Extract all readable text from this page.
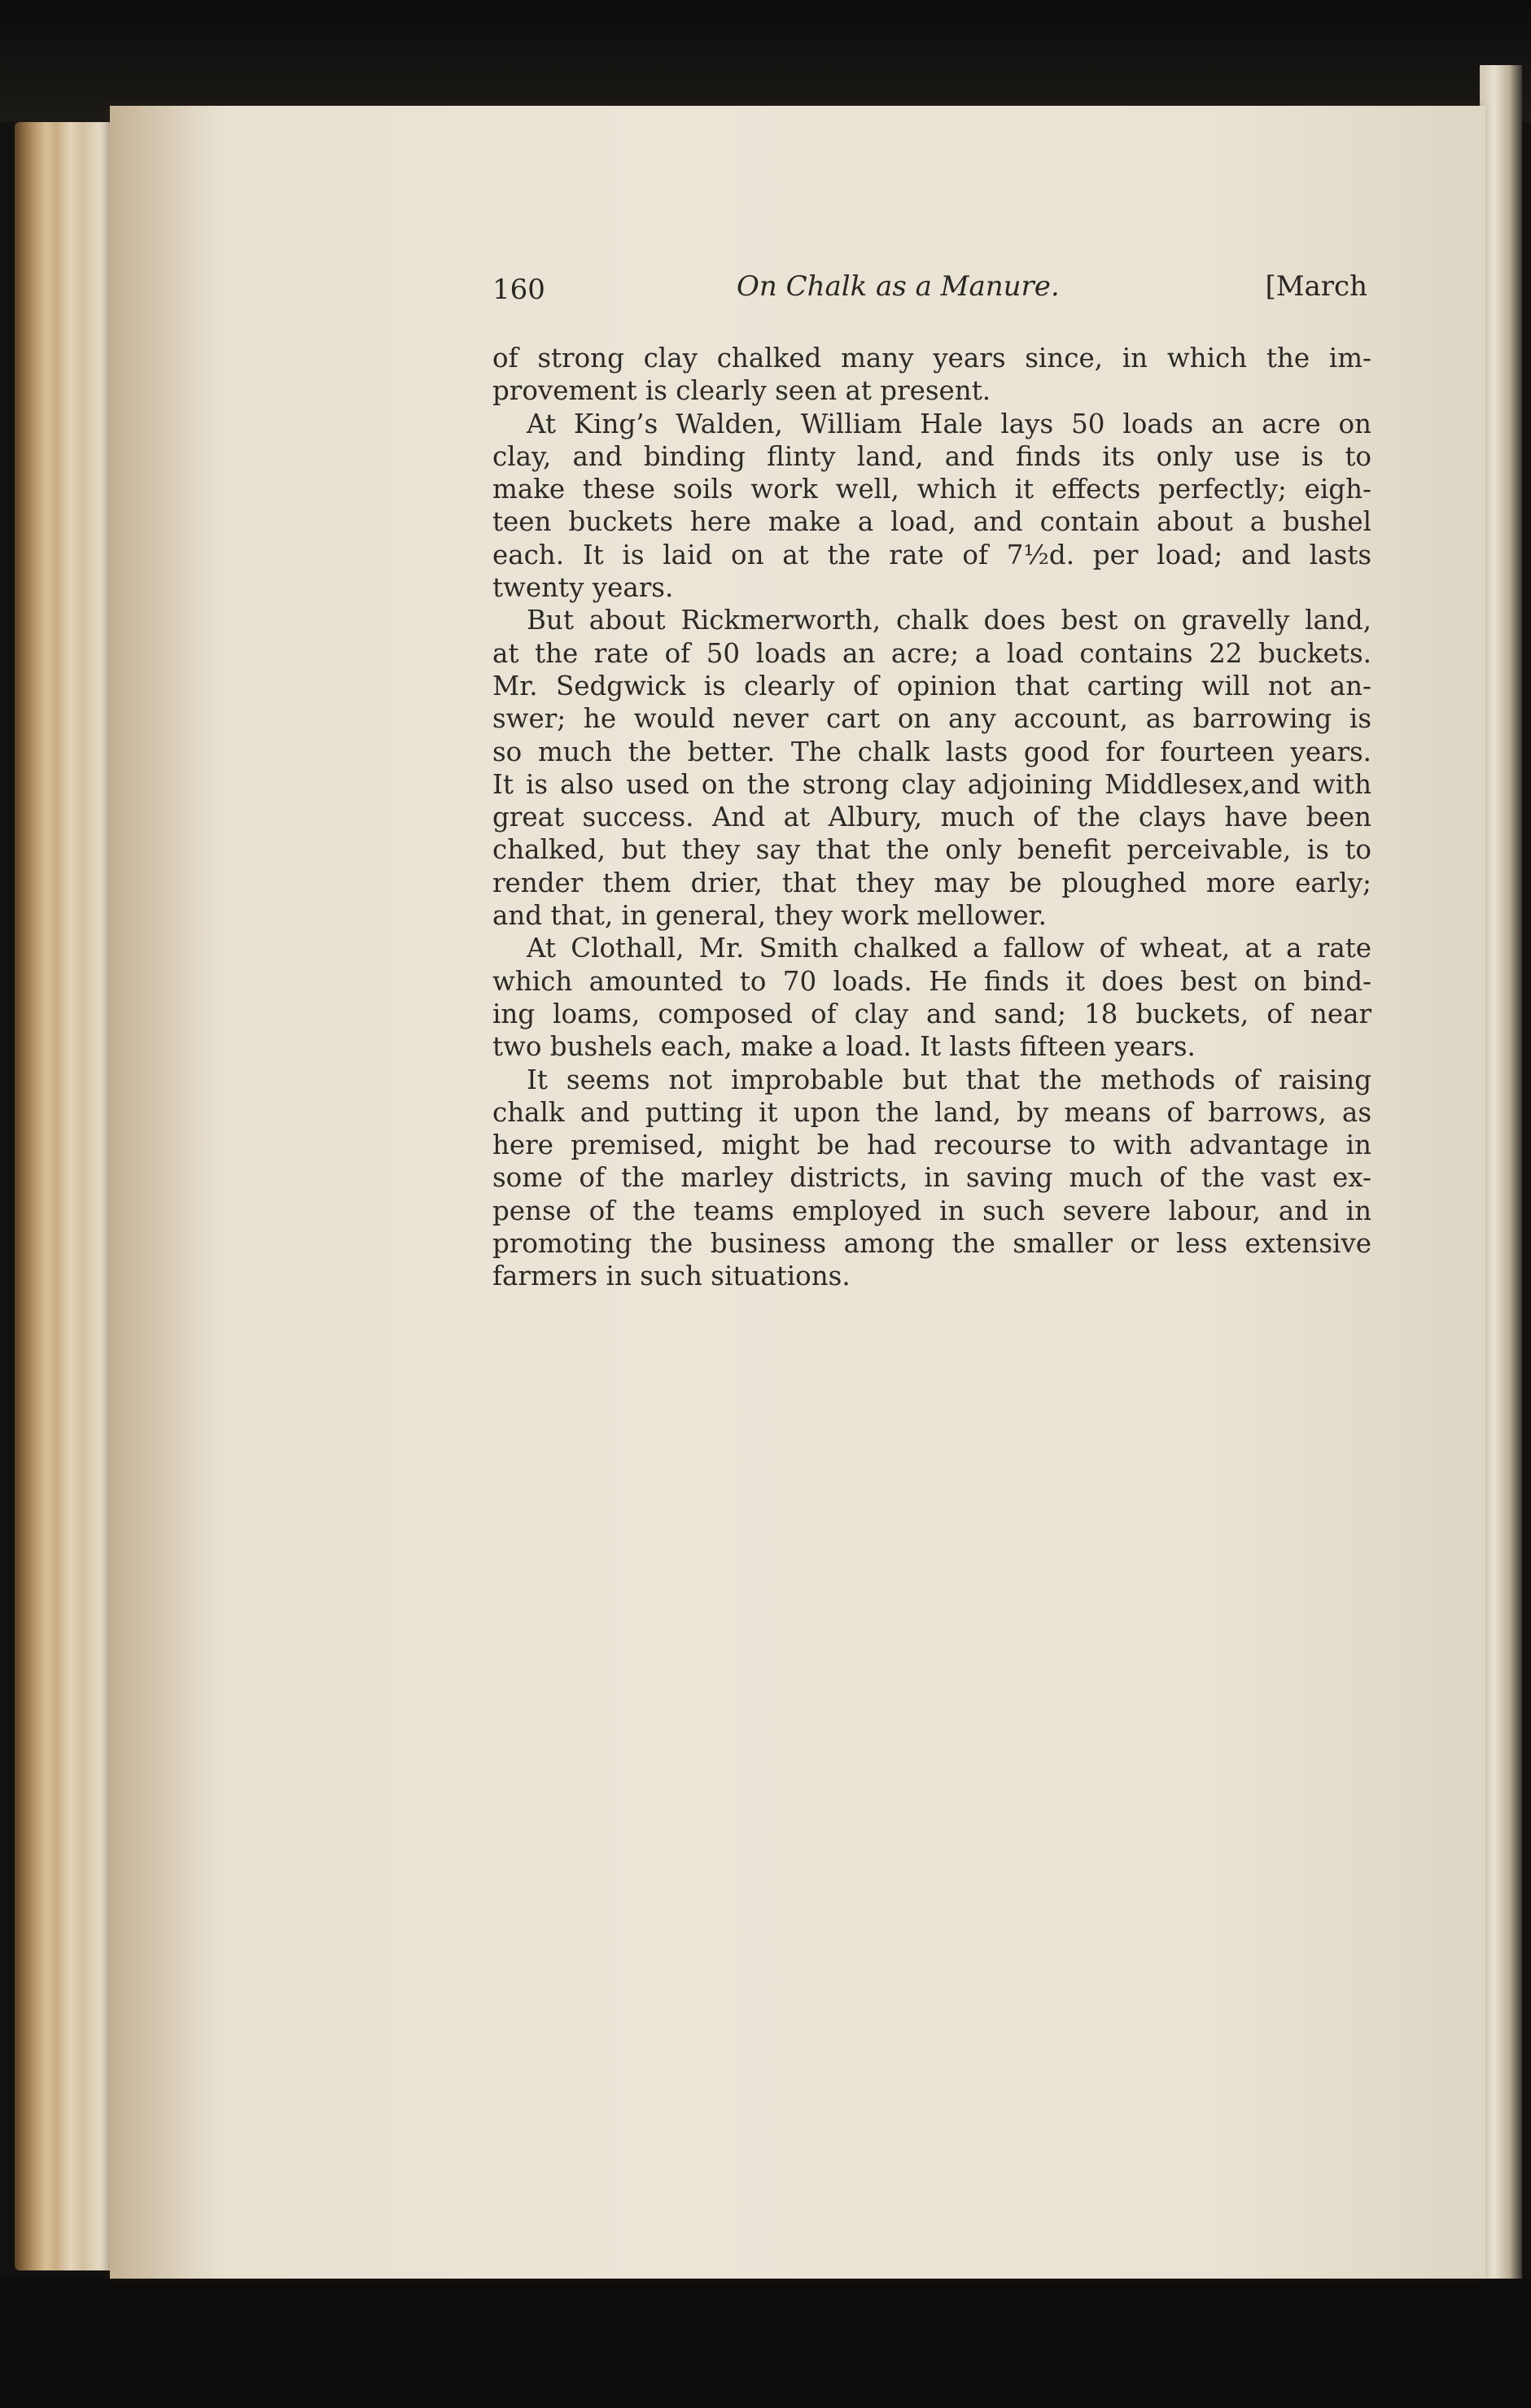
160	On Chalk as a Manure.	[March
of strong clay chalked many years since, in which the im-
provement is clearly seen at present.
At King’s Walden, William Hale lays 50 loads an acre on
clay, and binding flinty land, and finds its only use is to
make these soils work well, which it effects perfectly; eigh-
teen buckets here make a load, and contain about a bushel
each. It is laid on at the rate of 7½d. per load; and lasts
twenty years.
But about Rickmerworth, chalk does best on gravelly land,
at the rate of 50 loads an acre; a load contains 22 buckets.
Mr. Sedgwick is clearly of opinion that carting will not an-
swer; he would never cart on any account, as barrowing is
so much the better. The chalk lasts good for fourteen years.
It is also used on the strong clay adjoining Middlesex,and with
great success. And at Albury, much of the clays have been
chalked, but they say that the only benefit perceivable, is to
render them drier, that they may be ploughed more early;
and that, in general, they work mellower.
At Clothall, Mr. Smith chalked a fallow of wheat, at a rate
which amounted to 70 loads. He finds it does best on bind-
ing loams, composed of clay and sand; 18 buckets, of near
two bushels each, make a load. It lasts fifteen years.
It seems not improbable but that the methods of raising
chalk and putting it upon the land, by means of barrows, as
here premised, might be had recourse to with advantage in
some of the marley districts, in saving much of the vast ex-
pense of the teams employed in such severe labour, and in
promoting the business among the smaller or less extensive
farmers in such situations.
